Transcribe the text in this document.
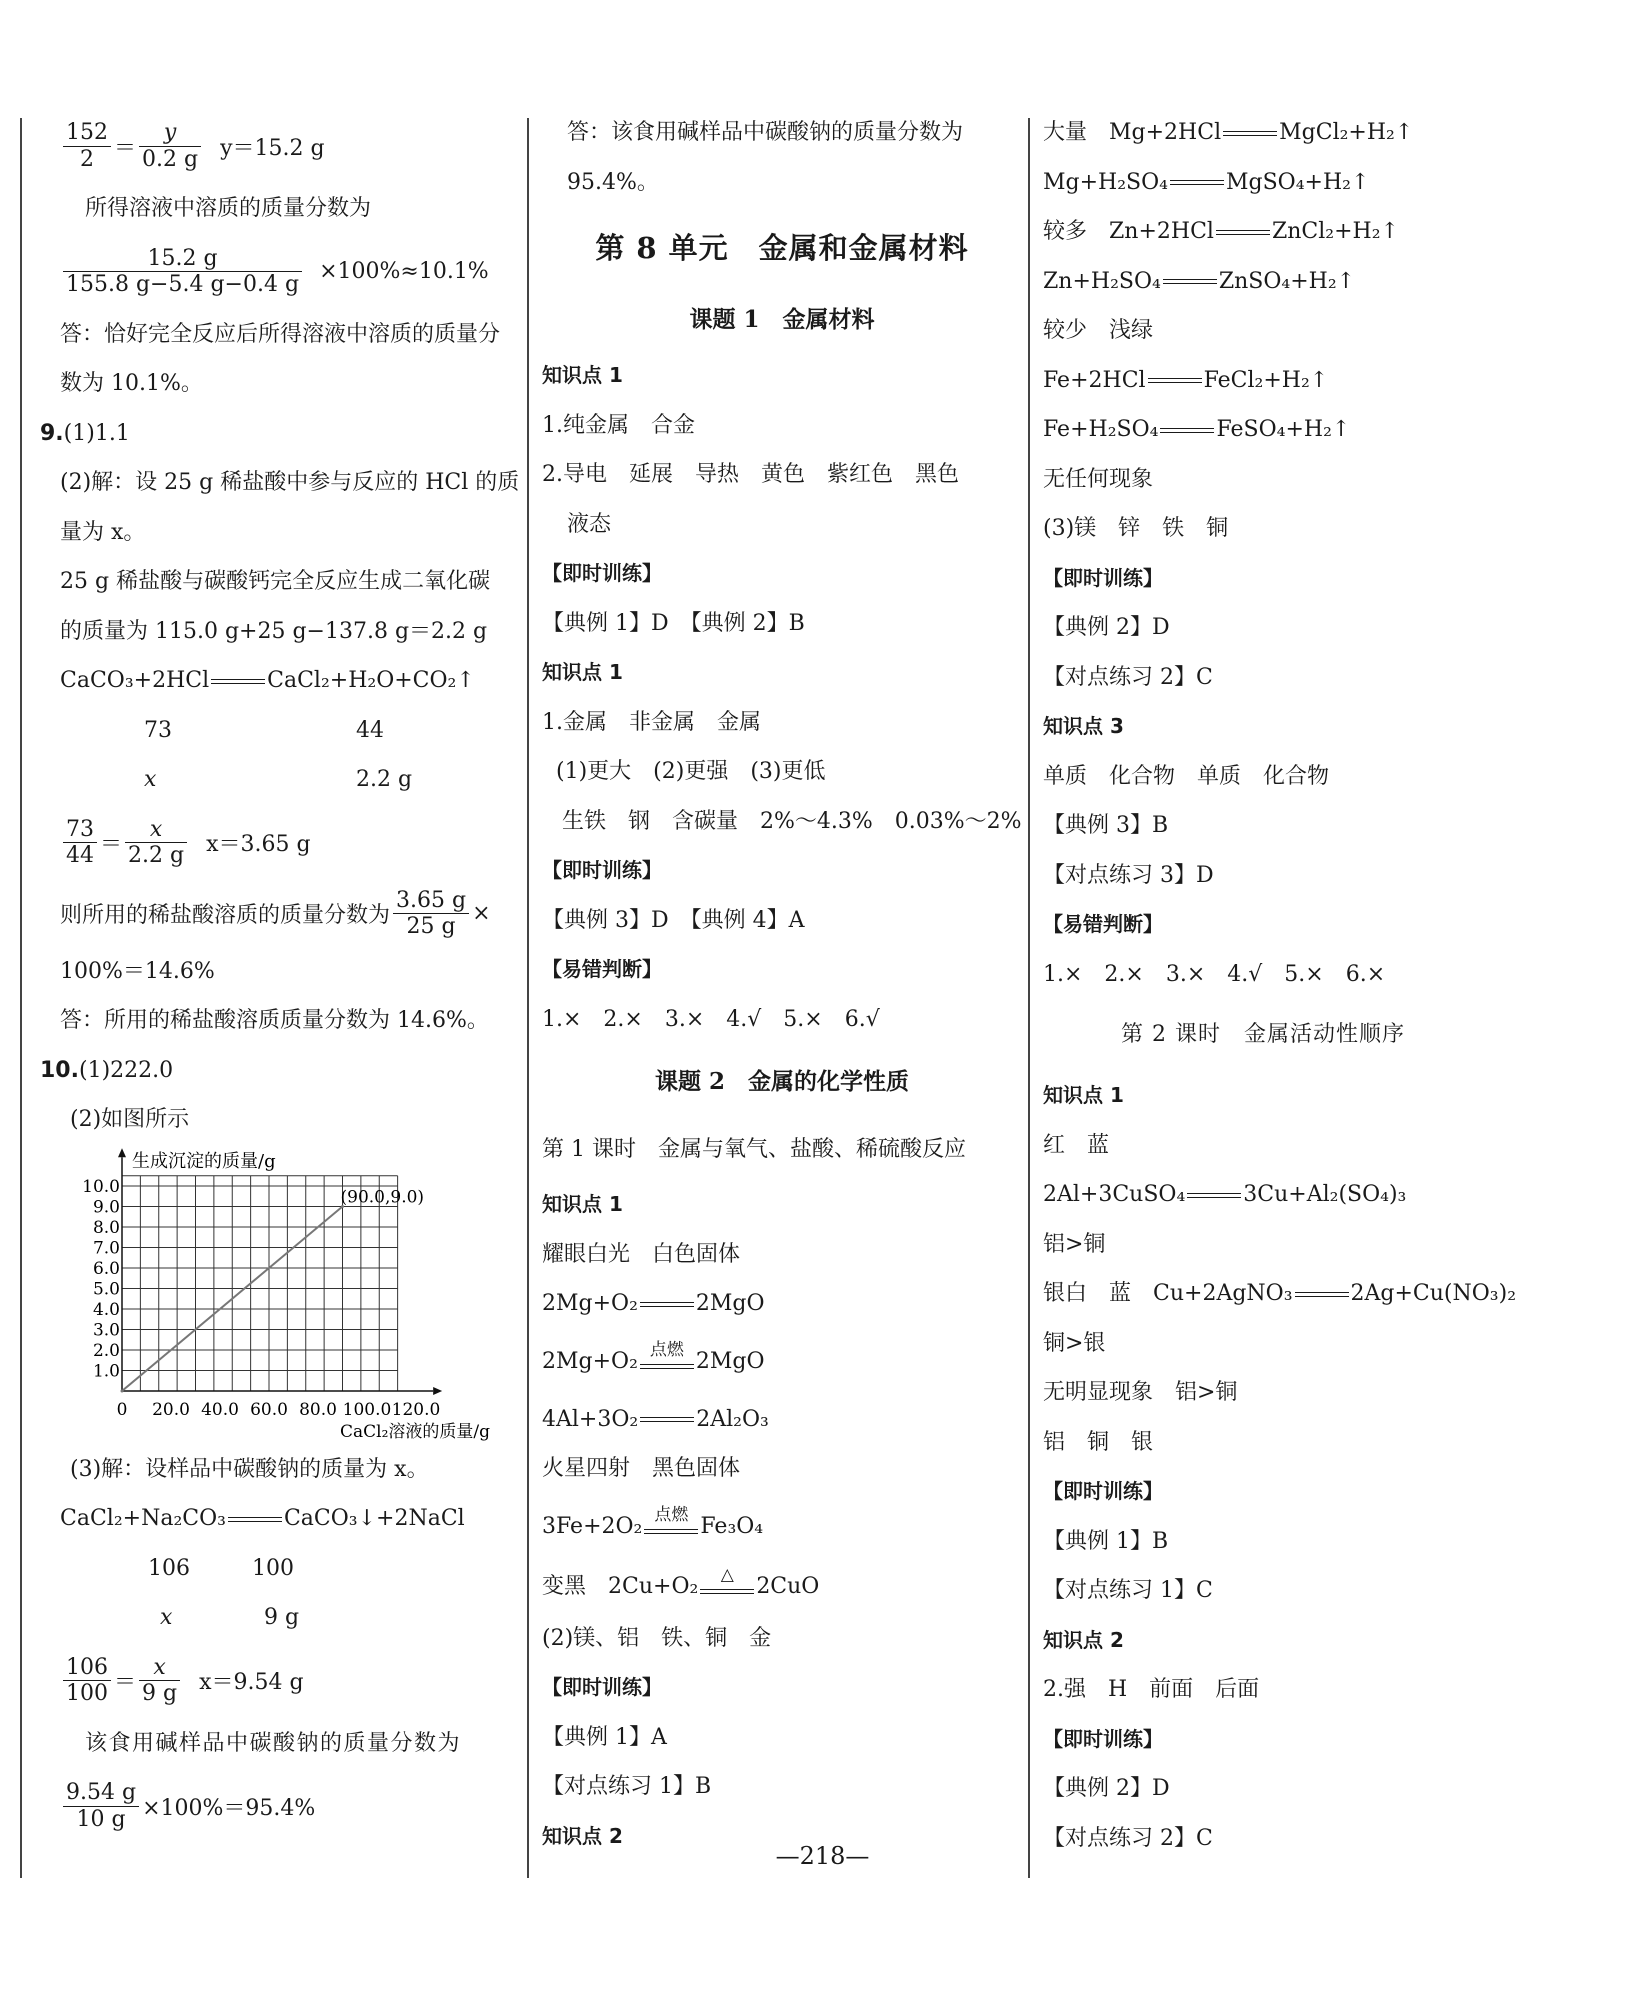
$\frac{152}{2} = \frac{y}{0.2 g} y=15.2$ g
所得溶液中溶质的质量分数为
$\frac{15.2 g}{155.8 g-5.4 g-0.4 g} \times 100\%\approx 10.1\%$
答：恰好完全反应后所得溶液中溶质的质量分
数为 10.1%。
9.(1)1.1
(2)解：设 25 g 稀盐酸中参与反应的 HCl 的质
量为 x。
25 g 稀盐酸与碳酸钙完全反应生成二氧化碳
的质量为 115.0 g+25 g−137.8 g＝2.2 g
CaCO₃+2HCl	CaCl₂+H₂O+CO₂↑
73	44
x	2.2 g
$\frac{73}{44} = \frac{x}{2.2 g} x=3.65$ g
则所用的稀盐酸溶质的质量分数为 $\frac{3.65 g}{25 g}$ ×
100%＝14.6%
答：所用的稀盐酸溶质质量分数为 14.6%。
10.(1)222.0
(2)如图所示
0 20.0 40.0 60.0 80.0 100.0 120.0
1.0
2.0
3.0
4.0
5.0
6.0
7.0
8.0
9.0
10.0
生成沉淀的质量/g
CaCl₂溶液的质量/g
(90.0,9.0)
(3)解：设样品中碳酸钠的质量为 x。
CaCl₂+Na₂CO₃	CaCO₃↓+2NaCl
106	100
x	9 g
$\frac{106}{100} = \frac{x}{9 g} x=9.54$ g
该食用碱样品中碳酸钠的质量分数为
$\frac{9.54 g}{10 g} \times 100\%=95.4\%$
答：该食用碱样品中碳酸钠的质量分数为
95.4%。
第 8 单元　金属和金属材料
课题 1　金属材料
知识点 1
1.纯金属　合金
2.导电　延展　导热　黄色　紫红色　黑色
液态
【即时训练】
【典例 1】D　【典例 2】B
知识点 1
1.金属　非金属　金属
(1)更大　(2)更强　(3)更低
生铁　钢　含碳量　2%～4.3%　0.03%～2%
【即时训练】
【典例 3】D　【典例 4】A
【易错判断】
1.×　2.×　3.×　4.√　5.×　6.√
课题 2　金属的化学性质
第 1 课时　金属与氧气、盐酸、稀硫酸反应
知识点 1
耀眼白光　白色固体
2Mg+O₂	2MgO
2Mg+O₂ 点燃 2MgO
4Al+3O₂	2Al₂O₃
火星四射　黑色固体
3Fe+2O₂ 点燃 Fe₃O₄
变黑　2Cu+O₂	△	2CuO
(2)镁、铝　铁、铜　金
【即时训练】
【典例 1】A
【对点练习 1】B
知识点 2
大量　Mg+2HCl	MgCl₂+H₂↑
Mg+H₂SO₄	MgSO₄+H₂↑
较多　Zn+2HCl	ZnCl₂+H₂↑
Zn+H₂SO₄	ZnSO₄+H₂↑
较少　浅绿
Fe+2HCl	FeCl₂+H₂↑
Fe+H₂SO₄	FeSO₄+H₂↑
无任何现象
(3)镁　锌　铁　铜
【即时训练】
【典例 2】D
【对点练习 2】C
知识点 3
单质　化合物　单质　化合物
【典例 3】B
【对点练习 3】D
【易错判断】
1.×　2.×　3.×　4.√　5.×　6.×
第 2 课时　金属活动性顺序
知识点 1
红　蓝
2Al+3CuSO₄	3Cu+Al₂(SO₄)₃
铝>铜
银白　蓝　Cu+2AgNO₃	2Ag+Cu(NO₃)₂
铜>银
无明显现象　铝>铜
铝　铜　银
【即时训练】
【典例 1】B
【对点练习 1】C
知识点 2
2.强　H　前面　后面
【即时训练】
【典例 2】D
【对点练习 2】C
—218—
